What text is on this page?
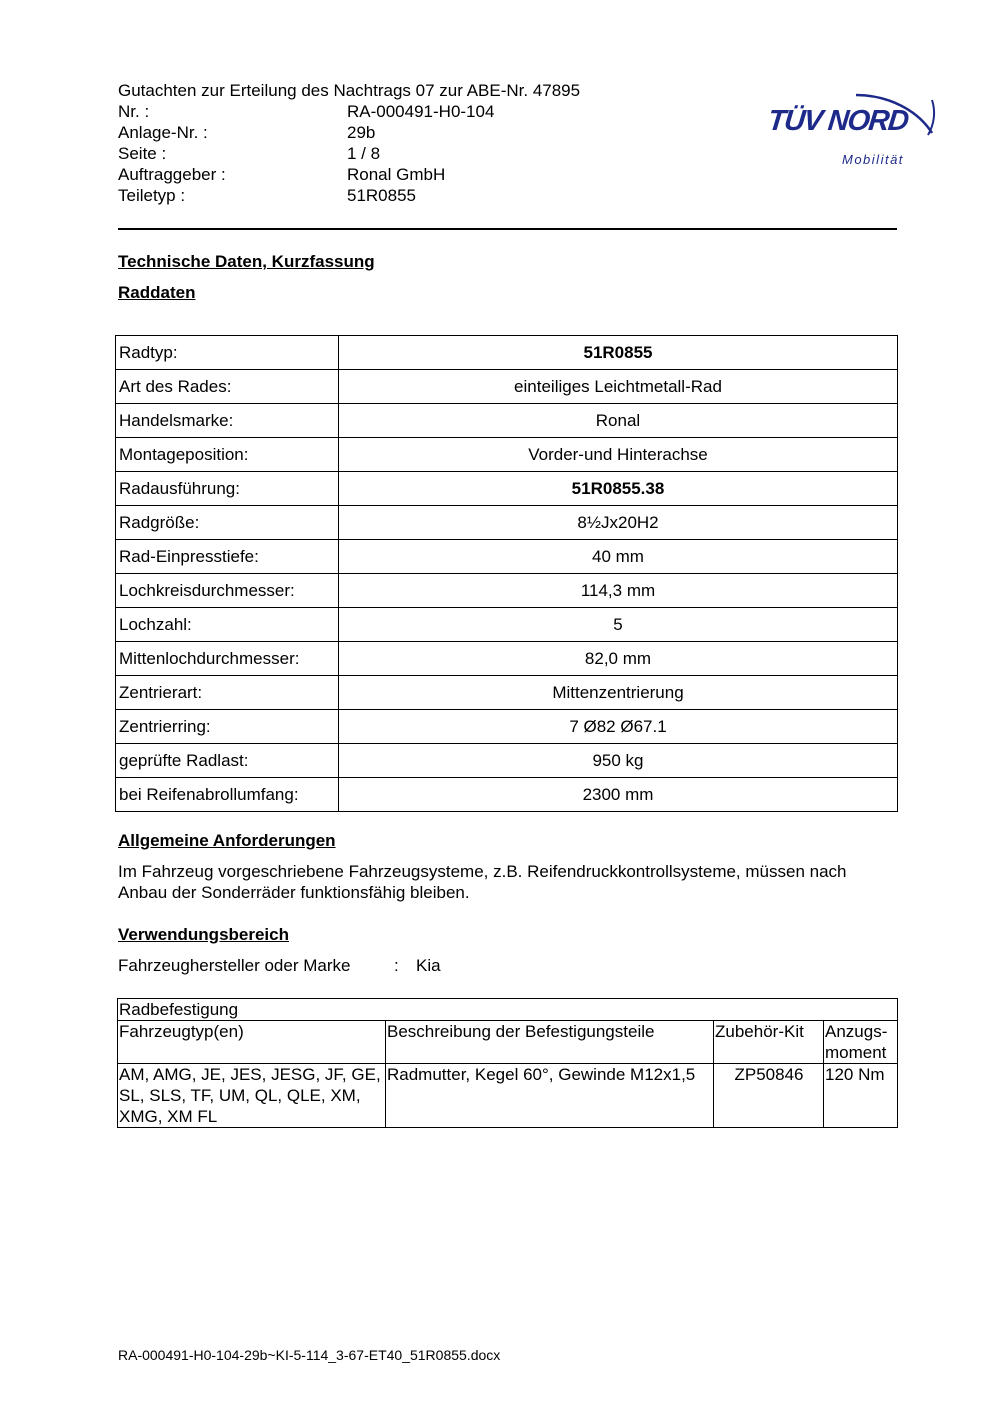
Gutachten zur Erteilung des Nachtrags 07 zur ABE-Nr. 47895
Nr. :	RA-000491-H0-104
Anlage-Nr. :	29b
Seite :	1 / 8
Auftraggeber :	Ronal GmbH
Teiletyp :	51R0855
TÜV NORD
Mobilität
Technische Daten, Kurzfassung
Raddaten
Radtyp:	51R0855
Art des Rades:	einteiliges Leichtmetall-Rad
Handelsmarke:	Ronal
Montageposition:	Vorder-und Hinterachse
Radausführung:	51R0855.38
Radgröße:	8½Jx20H2
Rad-Einpresstiefe:	40 mm
Lochkreisdurchmesser:	114,3 mm
Lochzahl:	5
Mittenlochdurchmesser:	82,0 mm
Zentrierart:	Mittenzentrierung
Zentrierring:	7 Ø82 Ø67.1
geprüfte Radlast:	950 kg
bei Reifenabrollumfang:	2300 mm
Allgemeine Anforderungen
Im Fahrzeug vorgeschriebene Fahrzeugsysteme, z.B. Reifendruckkontrollsysteme, müssen nach Anbau der Sonderräder funktionsfähig bleiben.
Verwendungsbereich
Fahrzeughersteller oder Marke	:	Kia
Radbefestigung			
Fahrzeugtyp(en)	Beschreibung der Befestigungsteile	Zubehör-Kit	Anzugs-moment
AM, AMG, JE, JES, JESG, JF, GE, SL, SLS, TF, UM, QL, QLE, XM, XMG, XM FL	Radmutter, Kegel 60°, Gewinde M12x1,5	ZP50846	120 Nm
RA-000491-H0-104-29b~KI-5-114_3-67-ET40_51R0855.docx
